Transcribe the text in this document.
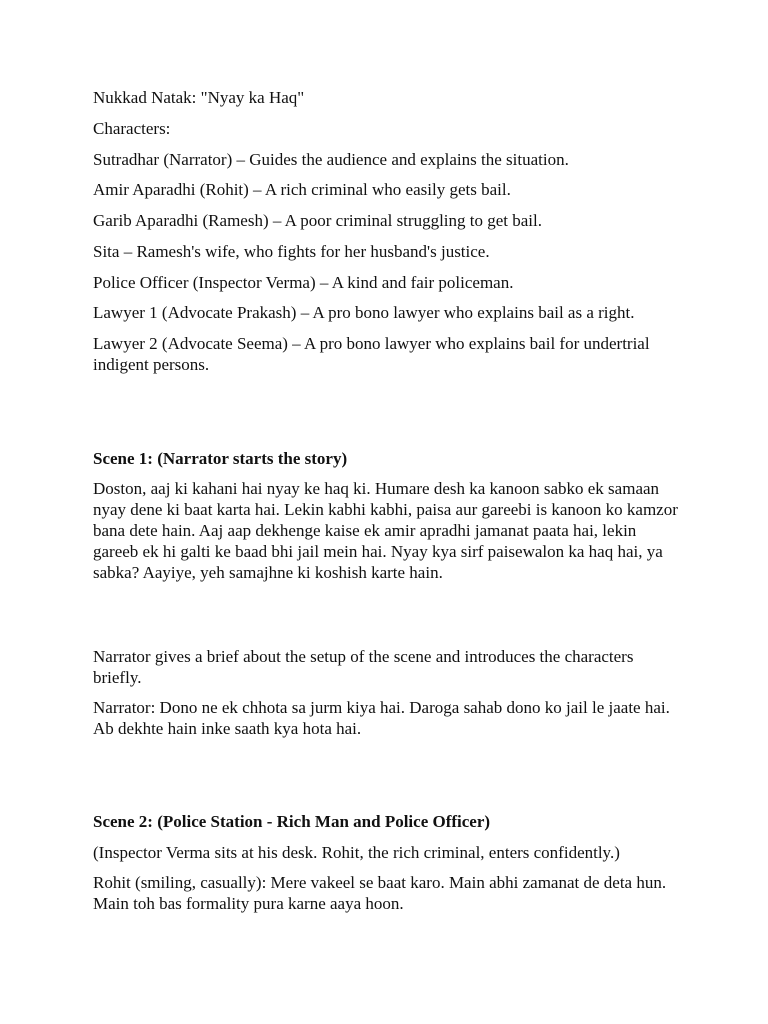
Nukkad Natak: "Nyay ka Haq"

Characters:

Sutradhar (Narrator) – Guides the audience and explains the situation.

Amir Aparadhi (Rohit) – A rich criminal who easily gets bail.

Garib Aparadhi (Ramesh) – A poor criminal struggling to get bail.

Sita – Ramesh's wife, who fights for her husband's justice.

Police Officer (Inspector Verma) – A kind and fair policeman.

Lawyer 1 (Advocate Prakash) – A pro bono lawyer who explains bail as a right.

Lawyer 2 (Advocate Seema) – A pro bono lawyer who explains bail for undertrial indigent persons.

Scene 1: (Narrator starts the story)

Doston, aaj ki kahani hai nyay ke haq ki. Humare desh ka kanoon sabko ek samaan nyay dene ki baat karta hai. Lekin kabhi kabhi, paisa aur gareebi is kanoon ko kamzor bana dete hain. Aaj aap dekhenge kaise ek amir apradhi jamanat paata hai, lekin gareeb ek hi galti ke baad bhi jail mein hai. Nyay kya sirf paisewalon ka haq hai, ya sabka? Aayiye, yeh samajhne ki koshish karte hain.

Narrator gives a brief about the setup of the scene and introduces the characters briefly.

Narrator: Dono ne ek chhota sa jurm kiya hai. Daroga sahab dono ko jail le jaate hai. Ab dekhte hain inke saath kya hota hai.

Scene 2: (Police Station - Rich Man and Police Officer)

(Inspector Verma sits at his desk. Rohit, the rich criminal, enters confidently.)

Rohit (smiling, casually): Mere vakeel se baat karo. Main abhi zamanat de deta hun. Main toh bas formality pura karne aaya hoon.
